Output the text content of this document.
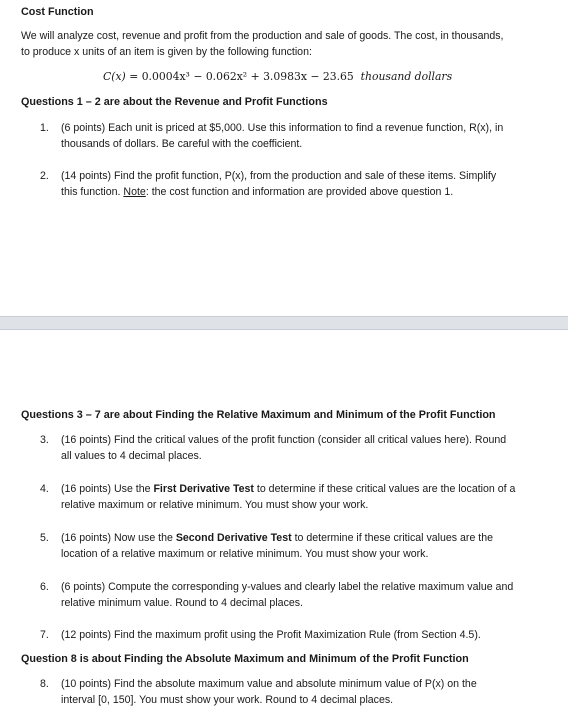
Cost Function
We will analyze cost, revenue and profit from the production and sale of goods. The cost, in thousands,
to produce x units of an item is given by the following function:
C(x) = 0.0004x³ − 0.062x² + 3.0983x − 23.65 thousand dollars
Questions 1 – 2 are about the Revenue and Profit Functions
1.	(6 points) Each unit is priced at $5,000. Use this information to find a revenue function, R(x), in
thousands of dollars. Be careful with the coefficient.
2.	(14 points) Find the profit function, P(x), from the production and sale of these items. Simplify
this function. Note: the cost function and information are provided above question 1.
Questions 3 – 7 are about Finding the Relative Maximum and Minimum of the Profit Function
3.	(16 points) Find the critical values of the profit function (consider all critical values here). Round
all values to 4 decimal places.
4.	(16 points) Use the First Derivative Test to determine if these critical values are the location of a
relative maximum or relative minimum. You must show your work.
5.	(16 points) Now use the Second Derivative Test to determine if these critical values are the
location of a relative maximum or relative minimum. You must show your work.
6.	(6 points) Compute the corresponding y-values and clearly label the relative maximum value and
relative minimum value. Round to 4 decimal places.
7.	(12 points) Find the maximum profit using the Profit Maximization Rule (from Section 4.5).
Question 8 is about Finding the Absolute Maximum and Minimum of the Profit Function
8.	(10 points) Find the absolute maximum value and absolute minimum value of P(x) on the
interval [0, 150]. You must show your work. Round to 4 decimal places.
